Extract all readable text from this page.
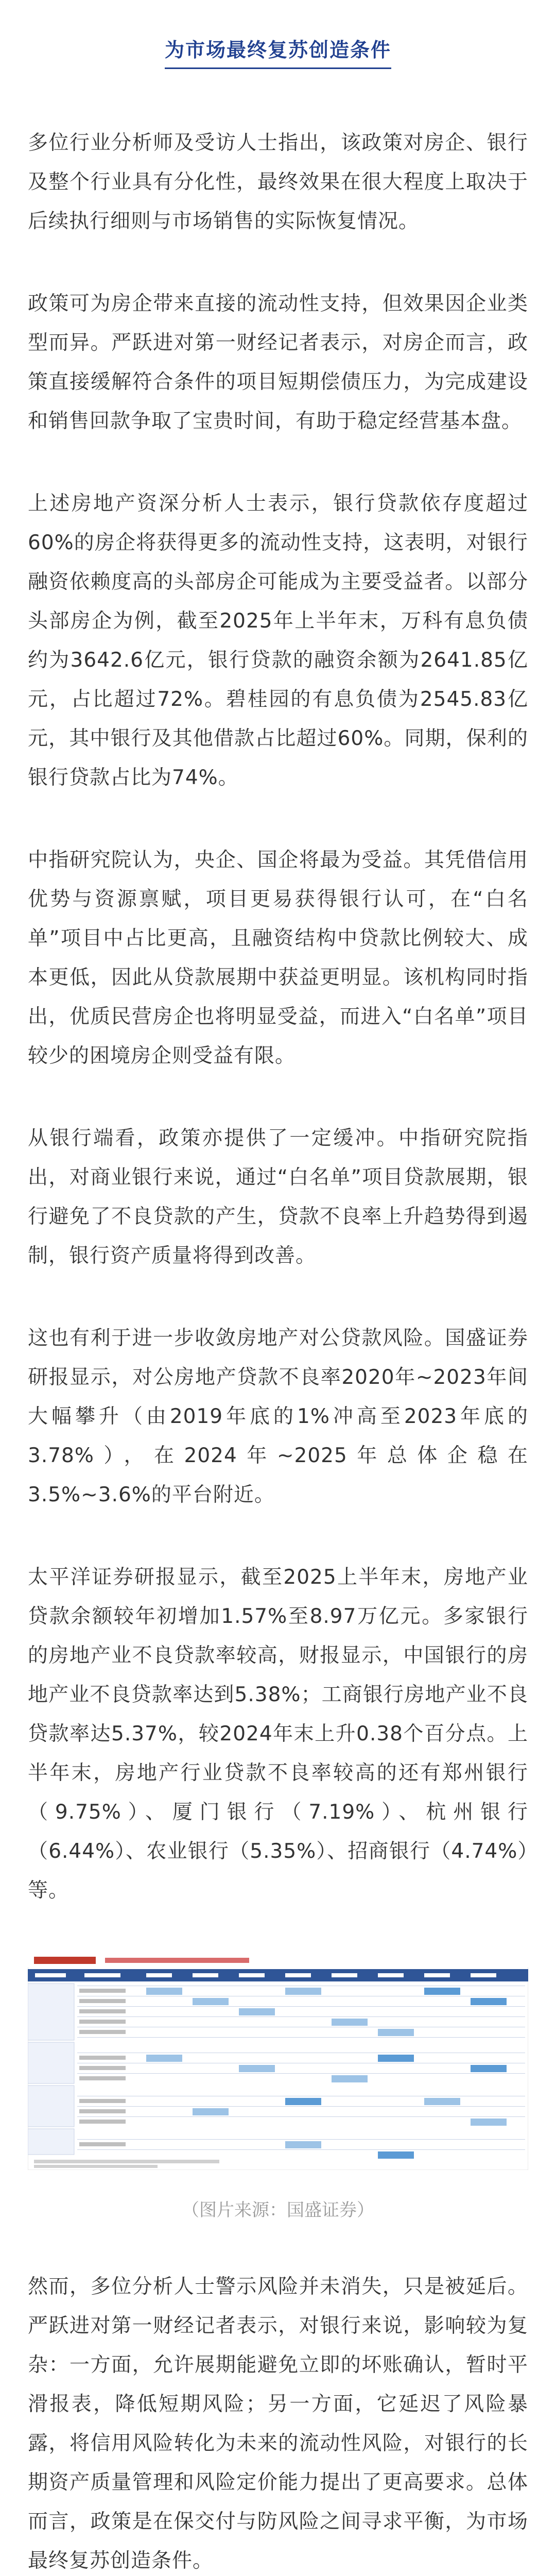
为市场最终复苏创造条件

多位行业分析师及受访人士指出，该政策对房企、银行及整个行业具有分化性，最终效果在很大程度上取决于后续执行细则与市场销售的实际恢复情况。

政策可为房企带来直接的流动性支持，但效果因企业类型而异。严跃进对第一财经记者表示，对房企而言，政策直接缓解符合条件的项目短期偿债压力，为完成建设和销售回款争取了宝贵时间，有助于稳定经营基本盘。

上述房地产资深分析人士表示，银行贷款依存度超过60%的房企将获得更多的流动性支持，这表明，对银行融资依赖度高的头部房企可能成为主要受益者。以部分头部房企为例，截至2025年上半年末，万科有息负债约为3642.6亿元，银行贷款的融资余额为2641.85亿元，占比超过72%。碧桂园的有息负债为2545.83亿元，其中银行及其他借款占比超过60%。同期，保利的银行贷款占比为74%。

中指研究院认为，央企、国企将最为受益。其凭借信用优势与资源禀赋，项目更易获得银行认可，在“白名单”项目中占比更高，且融资结构中贷款比例较大、成本更低，因此从贷款展期中获益更明显。该机构同时指出，优质民营房企也将明显受益，而进入“白名单”项目较少的困境房企则受益有限。

从银行端看，政策亦提供了一定缓冲。中指研究院指出，对商业银行来说，通过“白名单”项目贷款展期，银行避免了不良贷款的产生，贷款不良率上升趋势得到遏制，银行资产质量将得到改善。

这也有利于进一步收敛房地产对公贷款风险。国盛证券研报显示，对公房地产贷款不良率2020年~2023年间大幅攀升（由2019年底的1%冲高至2023年底的3.78%），在2024年~2025年总体企稳在3.5%~3.6%的平台附近。

太平洋证券研报显示，截至2025上半年末，房地产业贷款余额较年初增加1.57%至8.97万亿元。多家银行的房地产业不良贷款率较高，财报显示，中国银行的房地产业不良贷款率达到5.38%；工商银行房地产业不良贷款率达5.37%，较2024年末上升0.38个百分点。上半年末，房地产行业贷款不良率较高的还有郑州银行（9.75%）、厦门银行（7.19%）、杭州银行（6.44%）、农业银行（5.35%）、招商银行（4.74%）等。

（图片来源：国盛证券）

然而，多位分析人士警示风险并未消失，只是被延后。严跃进对第一财经记者表示，对银行来说，影响较为复杂：一方面，允许展期能避免立即的坏账确认，暂时平滑报表，降低短期风险；另一方面，它延迟了风险暴露，将信用风险转化为未来的流动性风险，对银行的长期资产质量管理和风险定价能力提出了更高要求。总体而言，政策是在保交付与防风险之间寻求平衡，为市场最终复苏创造条件。
